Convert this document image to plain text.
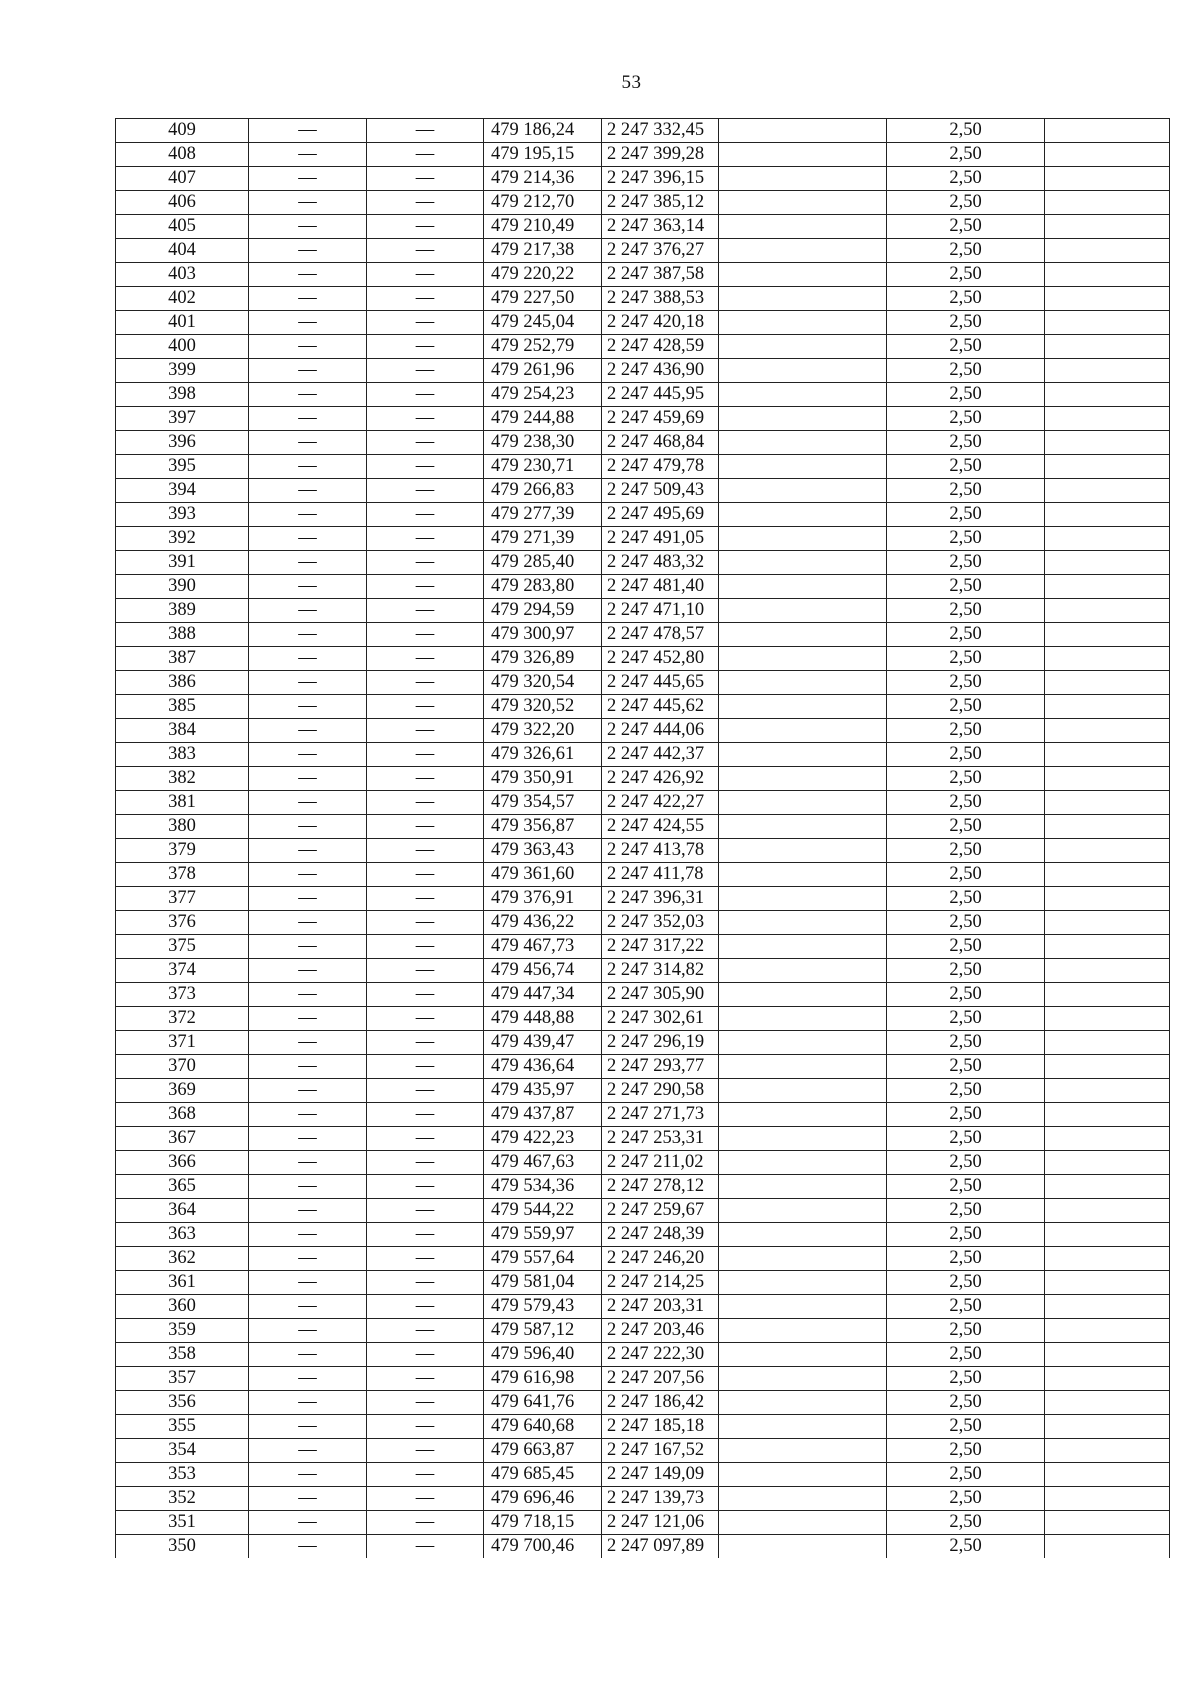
53
409	—	—	479 186,24	2 247 332,45		2,50	
408	—	—	479 195,15	2 247 399,28		2,50	
407	—	—	479 214,36	2 247 396,15		2,50	
406	—	—	479 212,70	2 247 385,12		2,50	
405	—	—	479 210,49	2 247 363,14		2,50	
404	—	—	479 217,38	2 247 376,27		2,50	
403	—	—	479 220,22	2 247 387,58		2,50	
402	—	—	479 227,50	2 247 388,53		2,50	
401	—	—	479 245,04	2 247 420,18		2,50	
400	—	—	479 252,79	2 247 428,59		2,50	
399	—	—	479 261,96	2 247 436,90		2,50	
398	—	—	479 254,23	2 247 445,95		2,50	
397	—	—	479 244,88	2 247 459,69		2,50	
396	—	—	479 238,30	2 247 468,84		2,50	
395	—	—	479 230,71	2 247 479,78		2,50	
394	—	—	479 266,83	2 247 509,43		2,50	
393	—	—	479 277,39	2 247 495,69		2,50	
392	—	—	479 271,39	2 247 491,05		2,50	
391	—	—	479 285,40	2 247 483,32		2,50	
390	—	—	479 283,80	2 247 481,40		2,50	
389	—	—	479 294,59	2 247 471,10		2,50	
388	—	—	479 300,97	2 247 478,57		2,50	
387	—	—	479 326,89	2 247 452,80		2,50	
386	—	—	479 320,54	2 247 445,65		2,50	
385	—	—	479 320,52	2 247 445,62		2,50	
384	—	—	479 322,20	2 247 444,06		2,50	
383	—	—	479 326,61	2 247 442,37		2,50	
382	—	—	479 350,91	2 247 426,92		2,50	
381	—	—	479 354,57	2 247 422,27		2,50	
380	—	—	479 356,87	2 247 424,55		2,50	
379	—	—	479 363,43	2 247 413,78		2,50	
378	—	—	479 361,60	2 247 411,78		2,50	
377	—	—	479 376,91	2 247 396,31		2,50	
376	—	—	479 436,22	2 247 352,03		2,50	
375	—	—	479 467,73	2 247 317,22		2,50	
374	—	—	479 456,74	2 247 314,82		2,50	
373	—	—	479 447,34	2 247 305,90		2,50	
372	—	—	479 448,88	2 247 302,61		2,50	
371	—	—	479 439,47	2 247 296,19		2,50	
370	—	—	479 436,64	2 247 293,77		2,50	
369	—	—	479 435,97	2 247 290,58		2,50	
368	—	—	479 437,87	2 247 271,73		2,50	
367	—	—	479 422,23	2 247 253,31		2,50	
366	—	—	479 467,63	2 247 211,02		2,50	
365	—	—	479 534,36	2 247 278,12		2,50	
364	—	—	479 544,22	2 247 259,67		2,50	
363	—	—	479 559,97	2 247 248,39		2,50	
362	—	—	479 557,64	2 247 246,20		2,50	
361	—	—	479 581,04	2 247 214,25		2,50	
360	—	—	479 579,43	2 247 203,31		2,50	
359	—	—	479 587,12	2 247 203,46		2,50	
358	—	—	479 596,40	2 247 222,30		2,50	
357	—	—	479 616,98	2 247 207,56		2,50	
356	—	—	479 641,76	2 247 186,42		2,50	
355	—	—	479 640,68	2 247 185,18		2,50	
354	—	—	479 663,87	2 247 167,52		2,50	
353	—	—	479 685,45	2 247 149,09		2,50	
352	—	—	479 696,46	2 247 139,73		2,50	
351	—	—	479 718,15	2 247 121,06		2,50	
350	—	—	479 700,46	2 247 097,89		2,50	
